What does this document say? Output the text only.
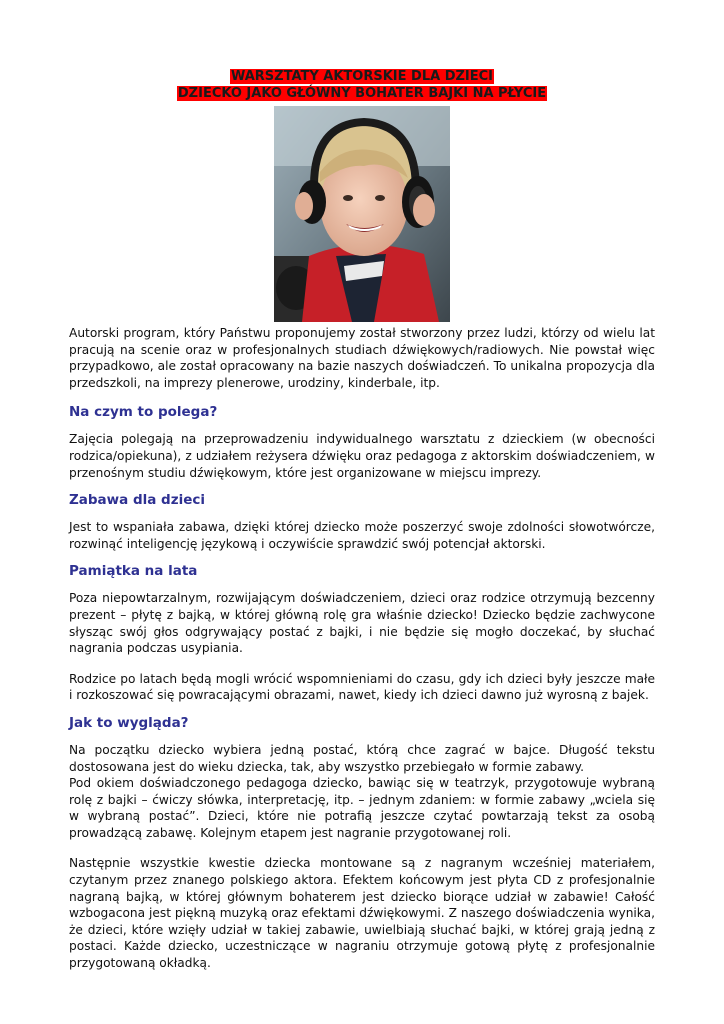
WARSZTATY AKTORSKIE DLA DZIECI
DZIECKO JAKO GŁÓWNY BOHATER BAJKI NA PŁYCIE

Autorski program, który Państwu proponujemy został stworzony przez ludzi, którzy od wielu lat pracują na scenie oraz w profesjonalnych studiach dźwiękowych/radiowych. Nie powstał więc przypadkowo, ale został opracowany na bazie naszych doświadczeń. To unikalna propozycja dla przedszkoli, na imprezy plenerowe, urodziny, kinderbale, itp.

Na czym to polega?

Zajęcia polegają na przeprowadzeniu indywidualnego warsztatu z dzieckiem (w obecności rodzica/opiekuna), z udziałem reżysera dźwięku oraz pedagoga z aktorskim doświadczeniem, w przenośnym studiu dźwiękowym, które jest organizowane w miejscu imprezy.

Zabawa dla dzieci

Jest to wspaniała zabawa, dzięki której dziecko może poszerzyć swoje zdolności słowotwórcze, rozwinąć inteligencję językową i oczywiście sprawdzić swój potencjał aktorski.

Pamiątka na lata

Poza niepowtarzalnym, rozwijającym doświadczeniem, dzieci oraz rodzice otrzymują bezcenny prezent – płytę z bajką, w której główną rolę gra właśnie dziecko! Dziecko będzie zachwycone słysząc swój głos odgrywający postać z bajki, i nie będzie się mogło doczekać, by słuchać nagrania podczas usypiania.

Rodzice po latach będą mogli wrócić wspomnieniami do czasu, gdy ich dzieci były jeszcze małe i rozkoszować się powracającymi obrazami, nawet, kiedy ich dzieci dawno już wyrosną z bajek.

Jak to wygląda?

Na początku dziecko wybiera jedną postać, którą chce zagrać w bajce. Długość tekstu dostosowana jest do wieku dziecka, tak, aby wszystko przebiegało w formie zabawy.

Pod okiem doświadczonego pedagoga dziecko, bawiąc się w teatrzyk, przygotowuje wybraną rolę z bajki – ćwiczy słówka, interpretację, itp. – jednym zdaniem: w formie zabawy „wciela się w wybraną postać”. Dzieci, które nie potrafią jeszcze czytać powtarzają tekst za osobą prowadzącą zabawę. Kolejnym etapem jest nagranie przygotowanej roli.

Następnie wszystkie kwestie dziecka montowane są z nagranym wcześniej materiałem, czytanym przez znanego polskiego aktora. Efektem końcowym jest płyta CD z profesjonalnie nagraną bajką, w której głównym bohaterem jest dziecko biorące udział w zabawie! Całość wzbogacona jest piękną muzyką oraz efektami dźwiękowymi. Z naszego doświadczenia wynika, że dzieci, które wzięły udział w takiej zabawie, uwielbiają słuchać bajki, w której grają jedną z postaci. Każde dziecko, uczestniczące w nagraniu otrzymuje gotową płytę z profesjonalnie przygotowaną okładką.
